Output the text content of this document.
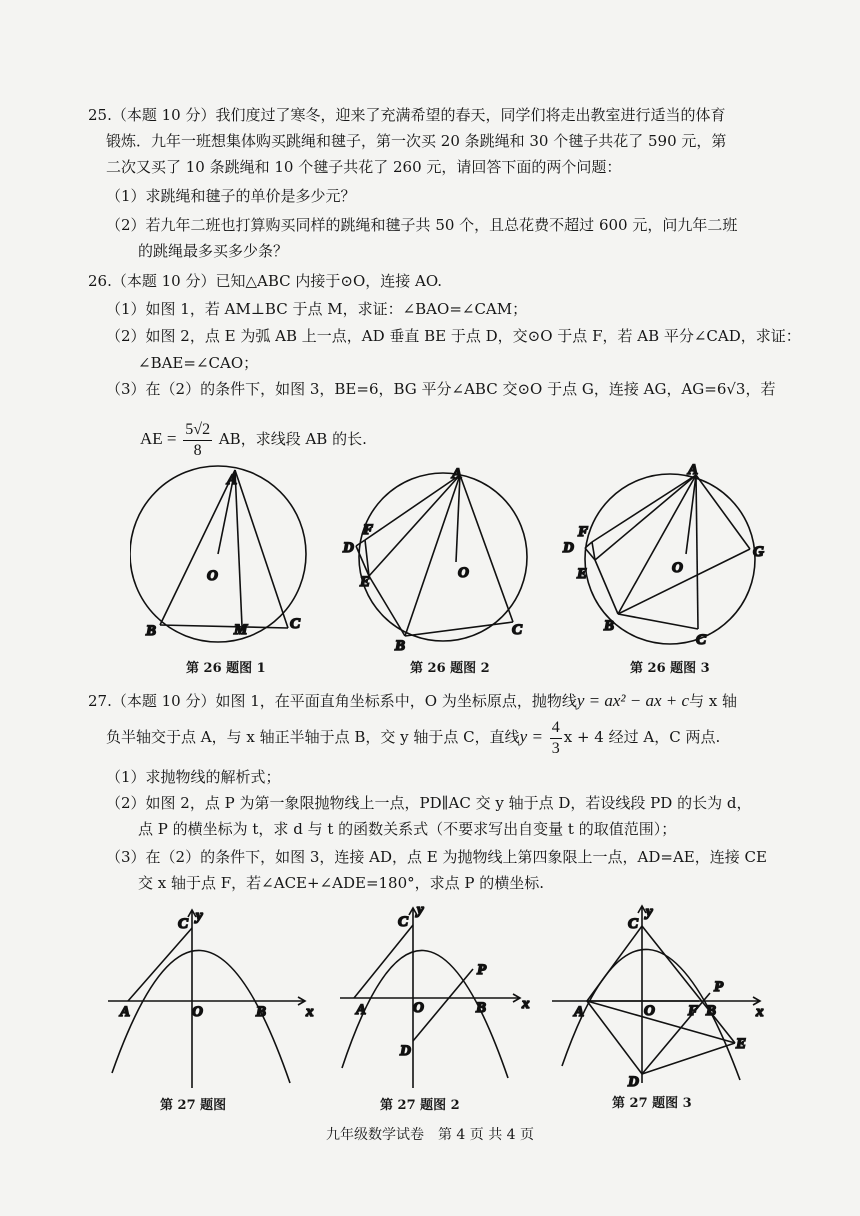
25.（本题 10 分）我们度过了寒冬，迎来了充满希望的春天，同学们将走出教室进行适当的体育
锻炼．九年一班想集体购买跳绳和毽子，第一次买 20 条跳绳和 30 个毽子共花了 590 元，第
二次又买了 10 条跳绳和 10 个毽子共花了 260 元，请回答下面的两个问题：
（1）求跳绳和毽子的单价是多少元？
（2）若九年二班也打算购买同样的跳绳和毽子共 50 个，且总花费不超过 600 元，问九年二班
的跳绳最多买多少条？
26.（本题 10 分）已知△ABC 内接于⊙O，连接 AO.
（1）如图 1，若 AM⊥BC 于点 M，求证：∠BAO=∠CAM；
（2）如图 2，点 E 为弧 AB 上一点，AD 垂直 BE 于点 D，交⊙O 于点 F，若 AB 平分∠CAD，求证：
∠BAE=∠CAO；
（3）在（2）的条件下，如图 3，BE=6，BG 平分∠ABC 交⊙O 于点 G，连接 AG，AG=6√3，若
AE = $\frac{5√2}{8}$ AB，求线段 AB 的长.
A
O
B	M	C
A
O
F
D
E
B
C
A
O
F
D
E
B
C
G
第 26 题图 1	第 26 题图 2	第 26 题图 3
27.（本题 10 分）如图 1，在平面直角坐标系中，O 为坐标原点，抛物线y = ax² − ax + c与 x 轴
负半轴交于点 A，与 x 轴正半轴于点 B，交 y 轴于点 C，直线$y = \frac{4}{3}$ x + 4 经过 A，C 两点.
（1）求抛物线的解析式；
（2）如图 2，点 P 为第一象限抛物线上一点，PD∥AC 交 y 轴于点 D，若设线段 PD 的长为 d，
点 P 的横坐标为 t，求 d 与 t 的函数关系式（不要求写出自变量 t 的取值范围）；
（3）在（2）的条件下，如图 3，连接 AD，点 E 为抛物线上第四象限上一点，AD=AE，连接 CE
交 x 轴于点 F，若∠ACE+∠ADE=180°，求点 P 的横坐标.
A	O	B
C y
x	A	O	B
C
y
x
P
D
A	O F B
C
y
x
P
E
D
第 27 题图	第 27 题图 2	第 27 题图 3
九年级数学试卷　第 4 页 共 4 页
